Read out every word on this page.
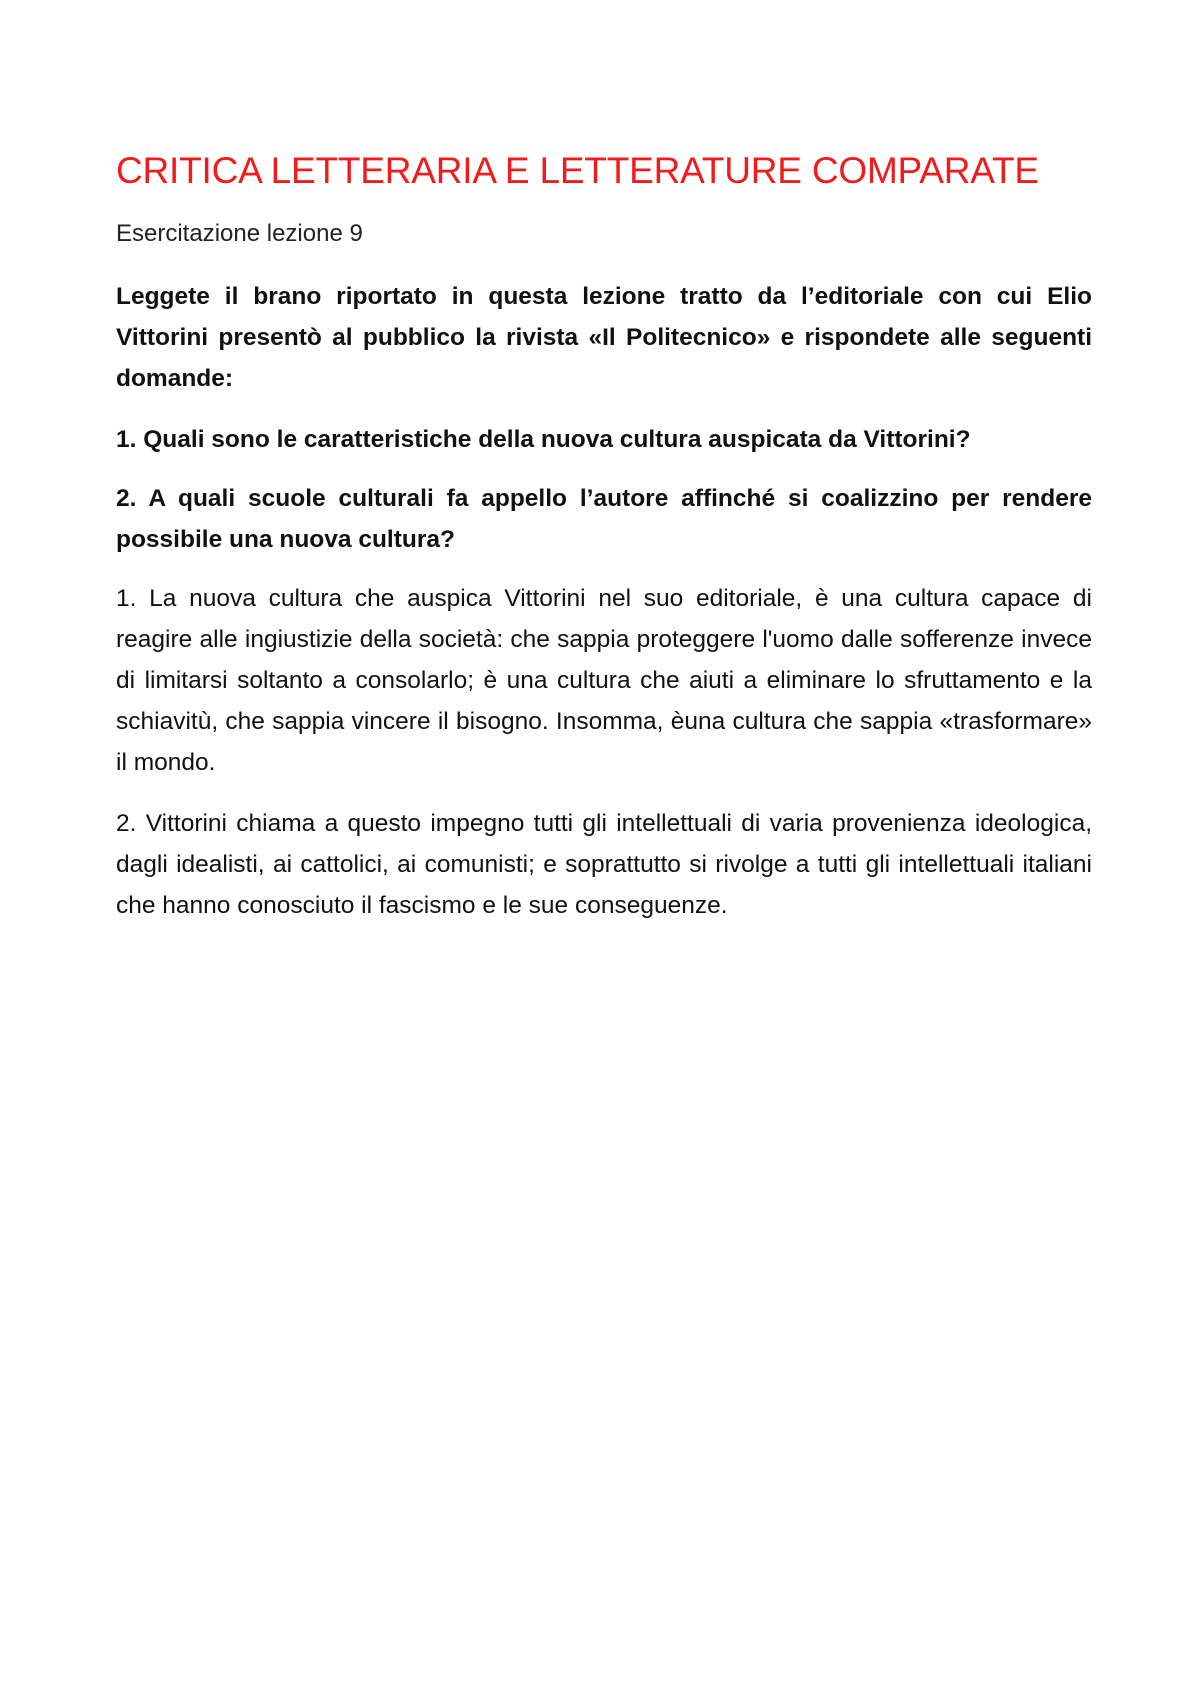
CRITICA LETTERARIA E LETTERATURE COMPARATE

Esercitazione lezione 9

Leggete il brano riportato in questa lezione tratto da l’editoriale con cui Elio Vittorini presentò al pubblico la rivista «Il Politecnico» e rispondete alle seguenti domande:

1. Quali sono le caratteristiche della nuova cultura auspicata da Vittorini?

2. A quali scuole culturali fa appello l’autore affinché si coalizzino per rendere possibile una nuova cultura?

1. La nuova cultura che auspica Vittorini nel suo editoriale, è una cultura capace di reagire alle ingiustizie della società: che sappia proteggere l'uomo dalle sofferenze invece di limitarsi soltanto a consolarlo; è una cultura che aiuti a eliminare lo sfruttamento e la schiavitù, che sappia vincere il bisogno. Insomma, èuna cultura che sappia «trasformare» il mondo.

2. Vittorini chiama a questo impegno tutti gli intellettuali di varia provenienza ideologica, dagli idealisti, ai cattolici, ai comunisti; e soprattutto si rivolge a tutti gli intellettuali italiani che hanno conosciuto il fascismo e le sue conseguenze.
